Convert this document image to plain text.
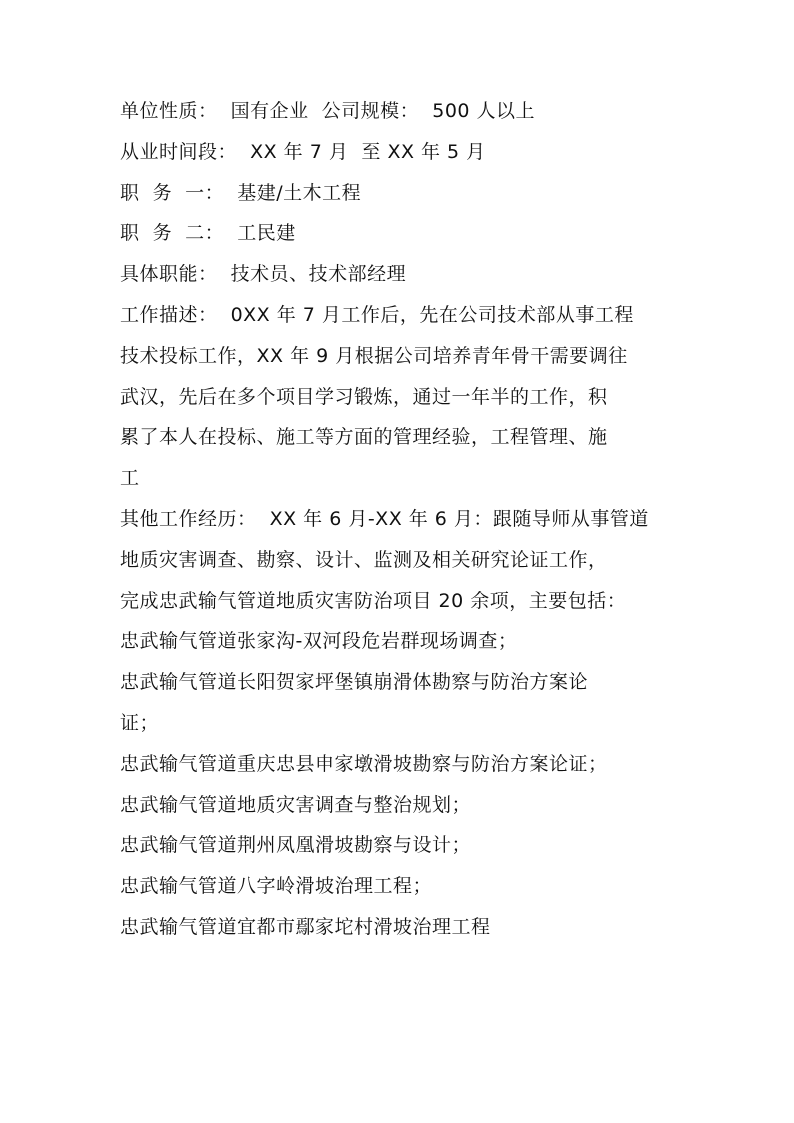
单位性质：  国有企业  公司规模：  500 人以上
从业时间段：  XX 年 7 月  至 XX 年 5 月
职  务  一：  基建/土木工程
职  务  二：  工民建
具体职能：  技术员、技术部经理
工作描述：  0XX 年 7 月工作后，先在公司技术部从事工程
技术投标工作，XX 年 9 月根据公司培养青年骨干需要调往
武汉，先后在多个项目学习锻炼，通过一年半的工作，积
累了本人在投标、施工等方面的管理经验，工程管理、施
工
其他工作经历：  XX 年 6 月-XX 年 6 月：跟随导师从事管道
地质灾害调查、勘察、设计、监测及相关研究论证工作，
完成忠武输气管道地质灾害防治项目 20 余项，主要包括：
忠武输气管道张家沟-双河段危岩群现场调查；
忠武输气管道长阳贺家坪堡镇崩滑体勘察与防治方案论
证；
忠武输气管道重庆忠县申家墩滑坡勘察与防治方案论证；
忠武输气管道地质灾害调查与整治规划；
忠武输气管道荆州凤凰滑坡勘察与设计；
忠武输气管道八字岭滑坡治理工程；
忠武输气管道宜都市鄢家坨村滑坡治理工程
